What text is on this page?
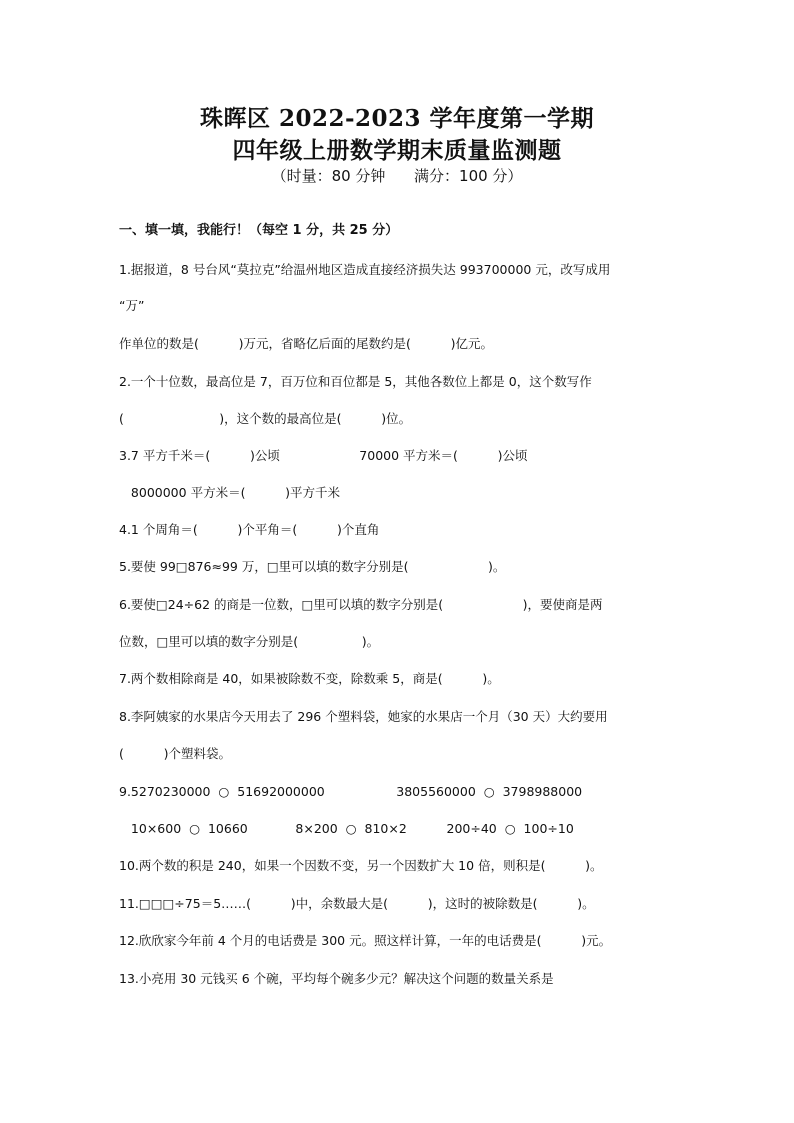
珠晖区 2022-2023 学年度第一学期
四年级上册数学期末质量监测题
（时量：80 分钟      满分：100 分）
一、填一填，我能行！（每空 1 分，共 25 分）
1.据报道，8 号台风“莫拉克”给温州地区造成直接经济损失达 993700000 元，改写成用
“万”
作单位的数是(          )万元，省略亿后面的尾数约是(          )亿元。
2.一个十位数，最高位是 7，百万位和百位都是 5，其他各数位上都是 0，这个数写作
(                        )，这个数的最高位是(          )位。
3.7 平方千米＝(          )公顷                    70000 平方米＝(          )公顷
8000000 平方米＝(          )平方千米
4.1 个周角＝(          )个平角＝(          )个直角
5.要使 99□876≈99 万，□里可以填的数字分别是(                    )。
6.要使□24÷62 的商是一位数，□里可以填的数字分别是(                    )，要使商是两
位数，□里可以填的数字分别是(                )。
7.两个数相除商是 40，如果被除数不变，除数乘 5，商是(          )。
8.李阿姨家的水果店今天用去了 296 个塑料袋，她家的水果店一个月（30 天）大约要用
(          )个塑料袋。
9.5270230000  ○  51692000000                  3805560000  ○  3798988000
10×600  ○  10660            8×200  ○  810×2          200÷40  ○  100÷10
10.两个数的积是 240，如果一个因数不变，另一个因数扩大 10 倍，则积是(          )。
11.□□□÷75＝5……(          )中，余数最大是(          )，这时的被除数是(          )。
12.欣欣家今年前 4 个月的电话费是 300 元。照这样计算，一年的电话费是(          )元。
13.小亮用 30 元钱买 6 个碗，平均每个碗多少元？解决这个问题的数量关系是
